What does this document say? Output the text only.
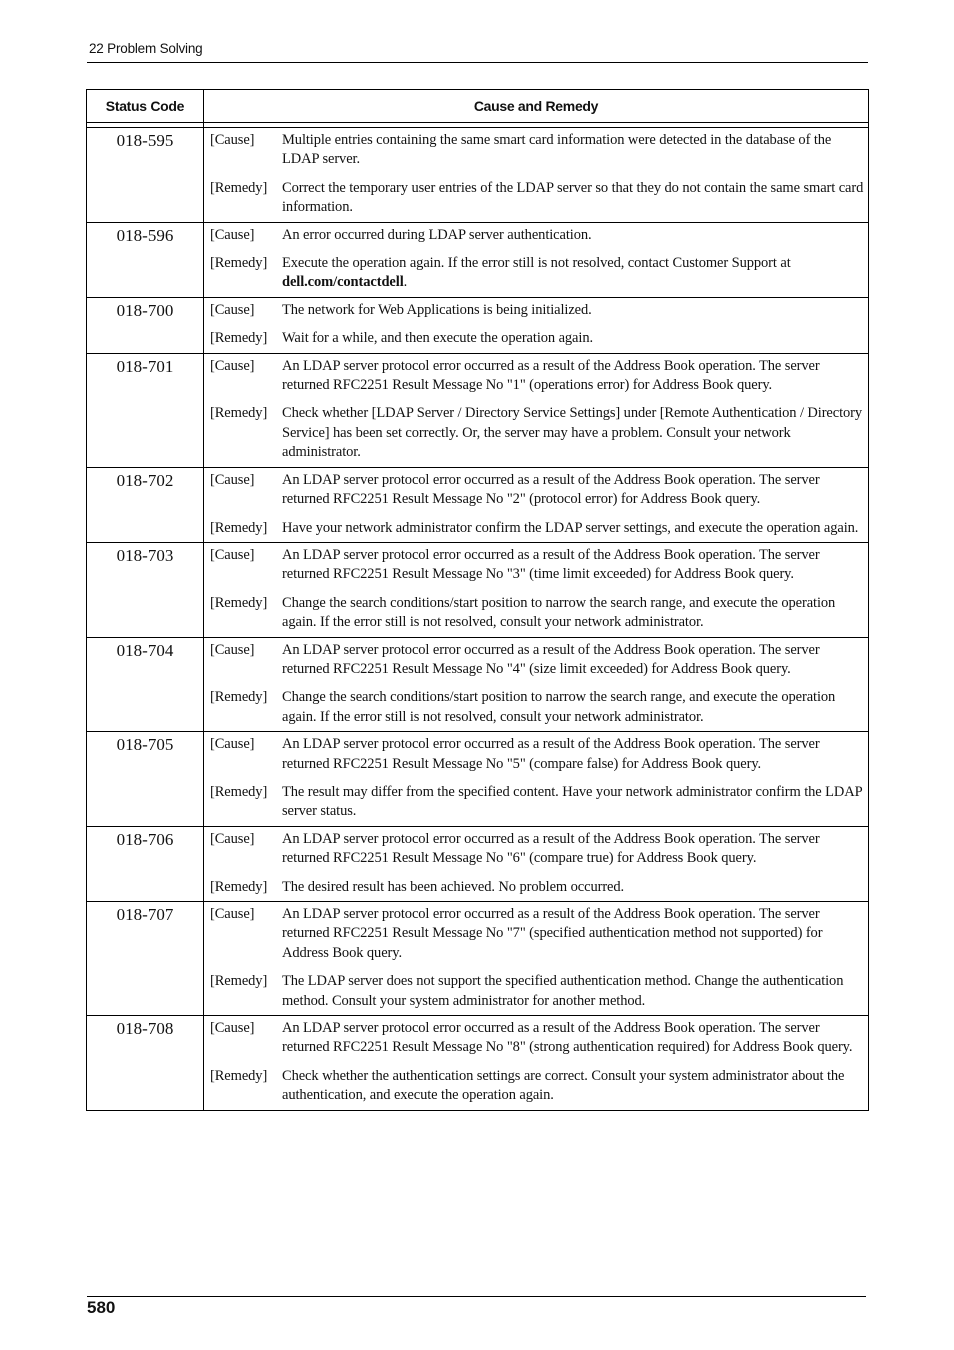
22 Problem Solving
Status Code	Cause and Remedy

018-595	[Cause] Multiple entries containing the same smart card information were detected in the database of the LDAP server.
[Remedy] Correct the temporary user entries of the LDAP server so that they do not contain the same smart card information.

018-596	[Cause] An error occurred during LDAP server authentication.
[Remedy] Execute the operation again. If the error still is not resolved, contact Customer Support at dell.com/contactdell.

018-700	[Cause] The network for Web Applications is being initialized.
[Remedy] Wait for a while, and then execute the operation again.

018-701	[Cause] An LDAP server protocol error occurred as a result of the Address Book operation. The server returned RFC2251 Result Message No "1" (operations error) for Address Book query.
[Remedy] Check whether [LDAP Server / Directory Service Settings] under [Remote Authentication / Directory Service] has been set correctly. Or, the server may have a problem. Consult your network administrator.

018-702	[Cause] An LDAP server protocol error occurred as a result of the Address Book operation. The server returned RFC2251 Result Message No "2" (protocol error) for Address Book query.
[Remedy] Have your network administrator confirm the LDAP server settings, and execute the operation again.

018-703	[Cause] An LDAP server protocol error occurred as a result of the Address Book operation. The server returned RFC2251 Result Message No "3" (time limit exceeded) for Address Book query.
[Remedy] Change the search conditions/start position to narrow the search range, and execute the operation again. If the error still is not resolved, consult your network administrator.

018-704	[Cause] An LDAP server protocol error occurred as a result of the Address Book operation. The server returned RFC2251 Result Message No "4" (size limit exceeded) for Address Book query.
[Remedy] Change the search conditions/start position to narrow the search range, and execute the operation again. If the error still is not resolved, consult your network administrator.

018-705	[Cause] An LDAP server protocol error occurred as a result of the Address Book operation. The server returned RFC2251 Result Message No "5" (compare false) for Address Book query.
[Remedy] The result may differ from the specified content. Have your network administrator confirm the LDAP server status.

018-706	[Cause] An LDAP server protocol error occurred as a result of the Address Book operation. The server returned RFC2251 Result Message No "6" (compare true) for Address Book query.
[Remedy] The desired result has been achieved. No problem occurred.

018-707	[Cause] An LDAP server protocol error occurred as a result of the Address Book operation. The server returned RFC2251 Result Message No "7" (specified authentication method not supported) for Address Book query.
[Remedy] The LDAP server does not support the specified authentication method. Change the authentication method. Consult your system administrator for another method.

018-708	[Cause] An LDAP server protocol error occurred as a result of the Address Book operation. The server returned RFC2251 Result Message No "8" (strong authentication required) for Address Book query.
[Remedy] Check whether the authentication settings are correct. Consult your system administrator about the authentication, and execute the operation again.
580
